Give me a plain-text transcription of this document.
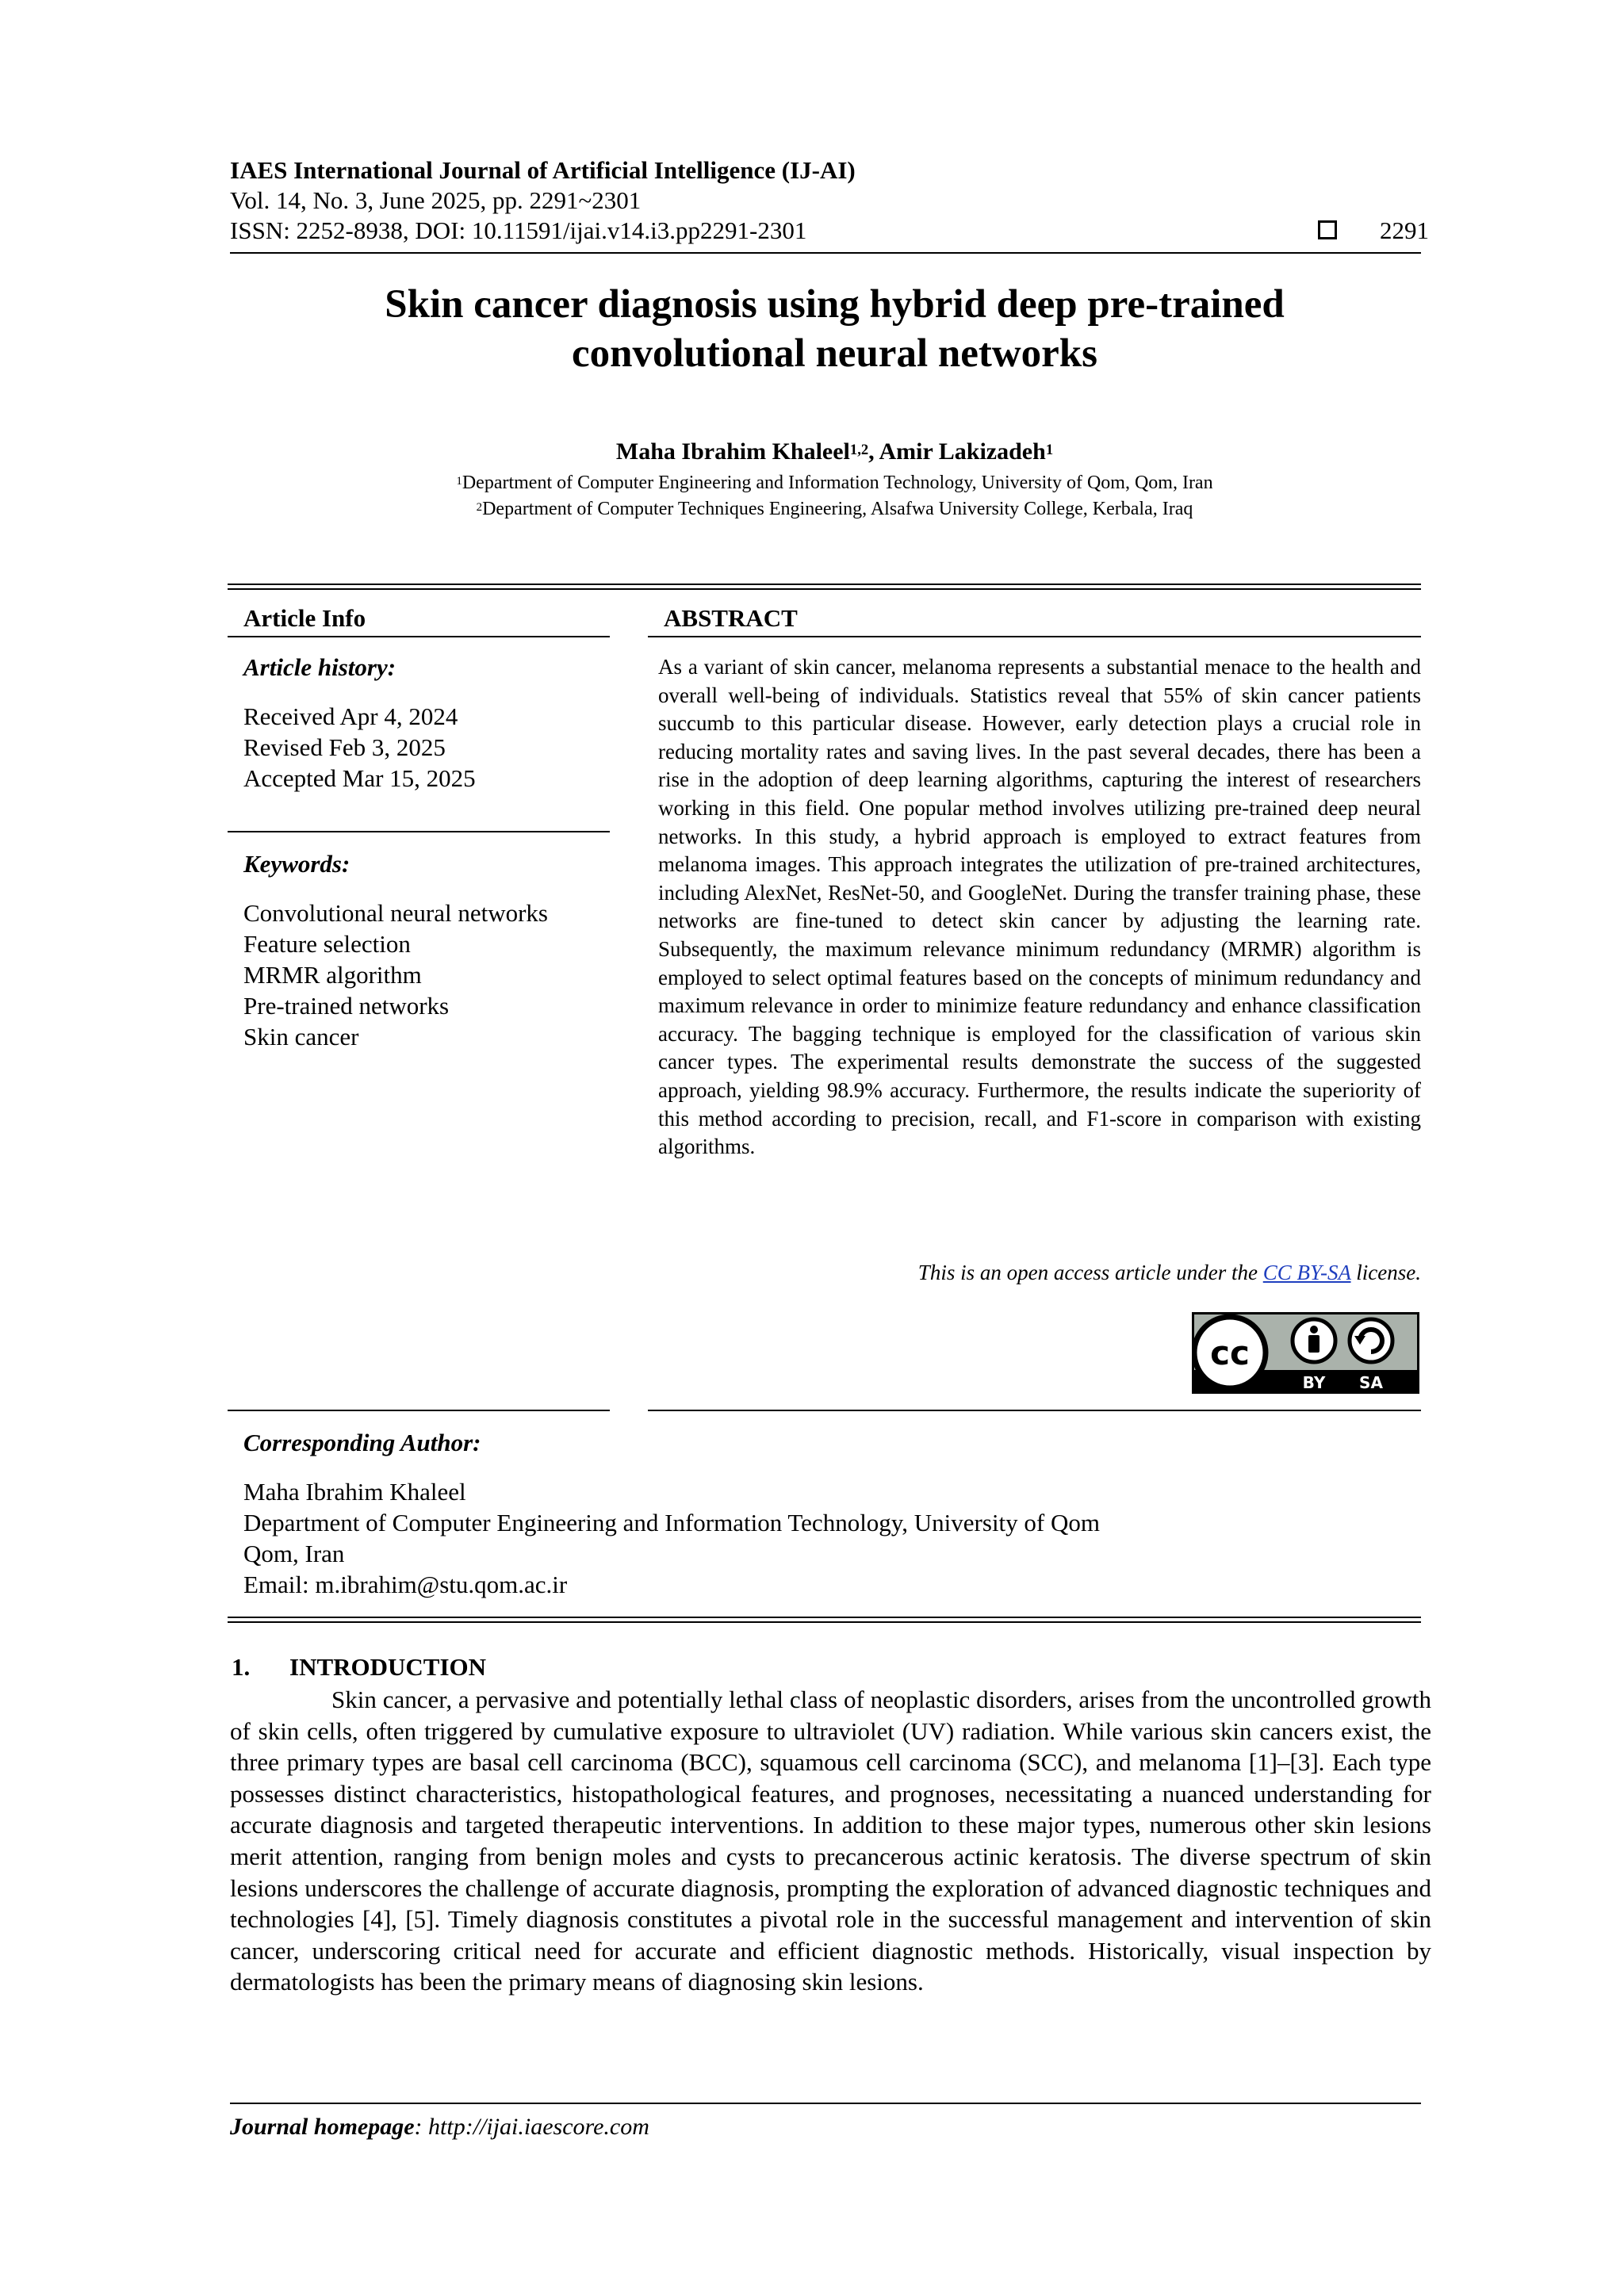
IAES International Journal of Artificial Intelligence (IJ-AI)
Vol. 14, No. 3, June 2025, pp. 2291~2301
ISSN: 2252-8938, DOI: 10.11591/ijai.v14.i3.pp2291-2301	2291
Skin cancer diagnosis using hybrid deep pre-trained
convolutional neural networks
Maha Ibrahim Khaleel$^{1,2}$, Amir Lakizadeh$^1$
$^1$Department of Computer Engineering and Information Technology, University of Qom, Qom, Iran
$^2$Department of Computer Techniques Engineering, Alsafwa University College, Kerbala, Iraq
Article Info
Article history:
Received Apr 4, 2024
Revised Feb 3, 2025
Accepted Mar 15, 2025
Keywords:
Convolutional neural networks
Feature selection
MRMR algorithm
Pre-trained networks
Skin cancer
ABSTRACT
As a variant of skin cancer, melanoma represents a substantial menace to the health and overall well-being of individuals. Statistics reveal that 55% of skin cancer patients succumb to this particular disease. However, early detection plays a crucial role in reducing mortality rates and saving lives. In the past several decades, there has been a rise in the adoption of deep learning algorithms, capturing the interest of researchers working in this field. One popular method involves utilizing pre-trained deep neural networks. In this study, a hybrid approach is employed to extract features from melanoma images. This approach integrates the utilization of pre-trained architectures, including AlexNet, ResNet-50, and GoogleNet. During the transfer training phase, these networks are fine-tuned to detect skin cancer by adjusting the learning rate. Subsequently, the maximum relevance minimum redundancy (MRMR) algorithm is employed to select optimal features based on the concepts of minimum redundancy and maximum relevance in order to minimize feature redundancy and enhance classification accuracy. The bagging technique is employed for the classification of various skin cancer types. The experimental results demonstrate the success of the suggested approach, yielding 98.9% accuracy. Furthermore, the results indicate the superiority of this method according to precision, recall, and F1-score in comparison with existing algorithms.
This is an open access article under the CC BY-SA license.
cc
BY SA
Corresponding Author:
Maha Ibrahim Khaleel
Department of Computer Engineering and Information Technology, University of Qom
Qom, Iran
Email: m.ibrahim@stu.qom.ac.ir
1. INTRODUCTION
Skin cancer, a pervasive and potentially lethal class of neoplastic disorders, arises from the uncontrolled growth of skin cells, often triggered by cumulative exposure to ultraviolet (UV) radiation. While various skin cancers exist, the three primary types are basal cell carcinoma (BCC), squamous cell carcinoma (SCC), and melanoma [1]–[3]. Each type possesses distinct characteristics, histopathological features, and prognoses, necessitating a nuanced understanding for accurate diagnosis and targeted therapeutic interventions. In addition to these major types, numerous other skin lesions merit attention, ranging from benign moles and cysts to precancerous actinic keratosis. The diverse spectrum of skin lesions underscores the challenge of accurate diagnosis, prompting the exploration of advanced diagnostic techniques and technologies [4], [5]. Timely diagnosis constitutes a pivotal role in the successful management and intervention of skin cancer, underscoring critical need for accurate and efficient diagnostic methods. Historically, visual inspection by dermatologists has been the primary means of diagnosing skin lesions.
Journal homepage: http://ijai.iaescore.com
